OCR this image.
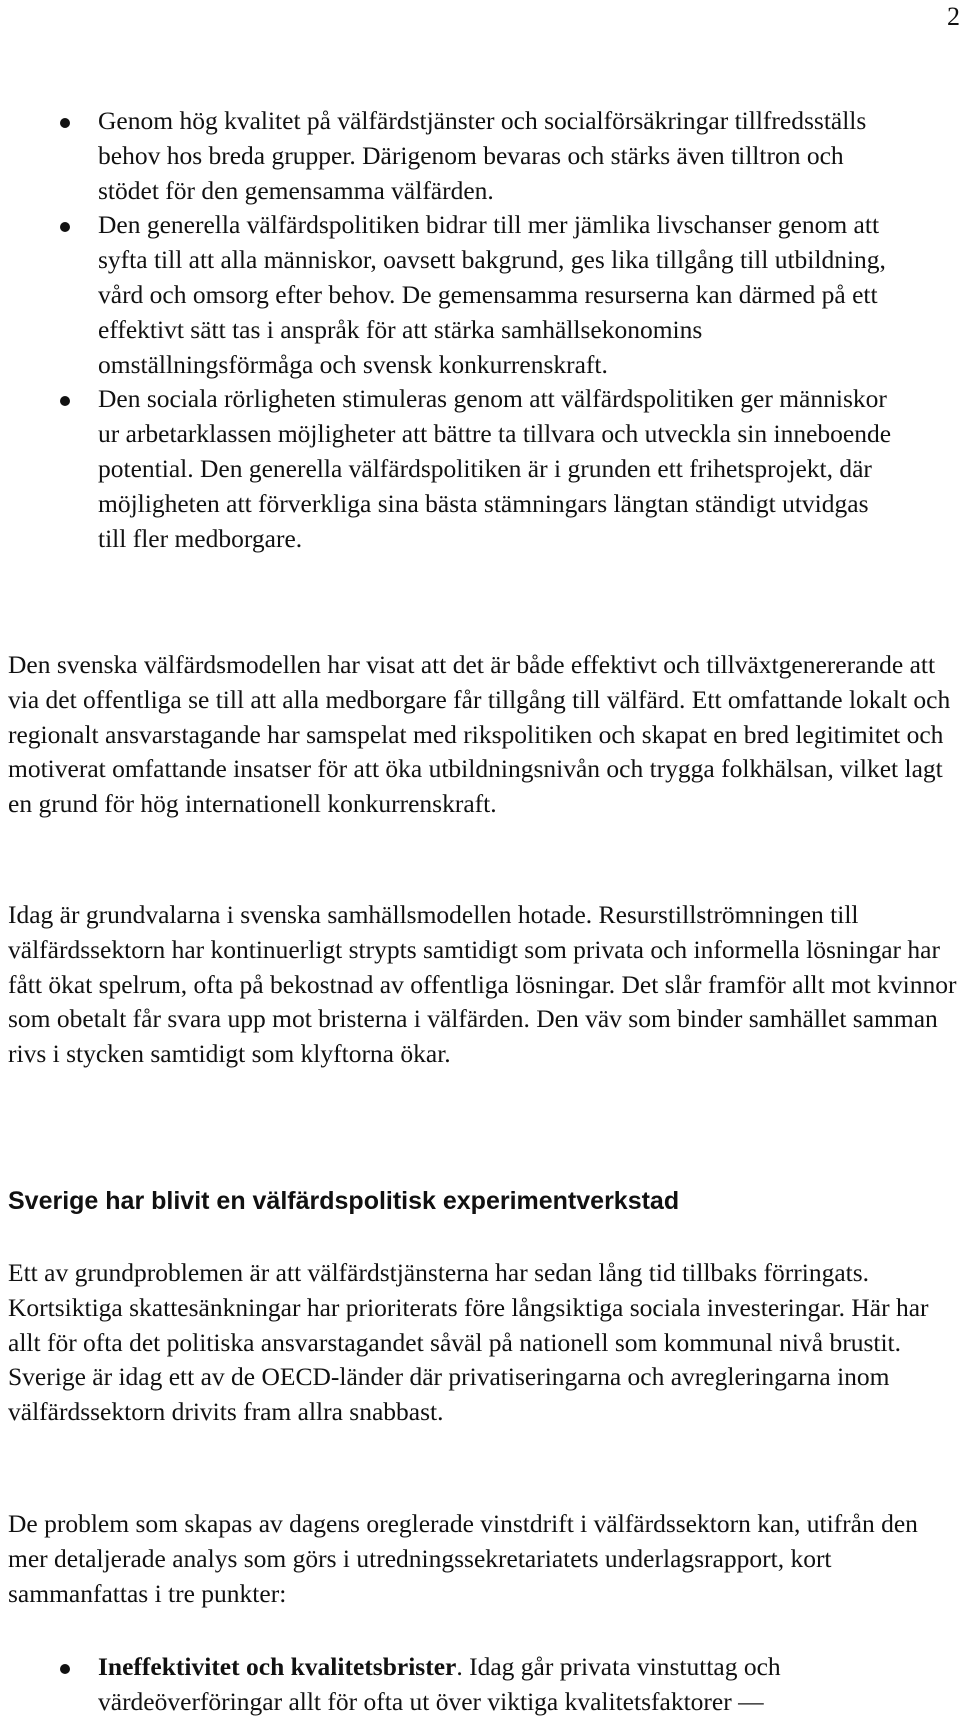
2
Genom hög kvalitet på välfärdstjänster och socialförsäkringar tillfredsställs behov hos breda grupper. Därigenom bevaras och stärks även tilltron och stödet för den gemensamma välfärden.
Den generella välfärdspolitiken bidrar till mer jämlika livschanser genom att syfta till att alla människor, oavsett bakgrund, ges lika tillgång till utbildning, vård och omsorg efter behov. De gemensamma resurserna kan därmed på ett effektivt sätt tas i anspråk för att stärka samhällsekonomins omställningsförmåga och svensk konkurrenskraft.
Den sociala rörligheten stimuleras genom att välfärdspolitiken ger människor ur arbetarklassen möjligheter att bättre ta tillvara och utveckla sin inneboende potential. Den generella välfärdspolitiken är i grunden ett frihetsprojekt, där möjligheten att förverkliga sina bästa stämningars längtan ständigt utvidgas till fler medborgare.

Den svenska välfärdsmodellen har visat att det är både effektivt och tillväxtgenererande att via det offentliga se till att alla medborgare får tillgång till välfärd. Ett omfattande lokalt och regionalt ansvarstagande har samspelat med rikspolitiken och skapat en bred legitimitet och motiverat omfattande insatser för att öka utbildningsnivån och trygga folkhälsan, vilket lagt en grund för hög internationell konkurrenskraft.

Idag är grundvalarna i svenska samhällsmodellen hotade. Resurstillströmningen till välfärdssektorn har kontinuerligt strypts samtidigt som privata och informella lösningar har fått ökat spelrum, ofta på bekostnad av offentliga lösningar. Det slår framför allt mot kvinnor som obetalt får svara upp mot bristerna i välfärden. Den väv som binder samhället samman rivs i stycken samtidigt som klyftorna ökar.

Sverige har blivit en välfärdspolitisk experimentverkstad

Ett av grundproblemen är att välfärdstjänsterna har sedan lång tid tillbaks förringats. Kortsiktiga skattesänkningar har prioriterats före långsiktiga sociala investeringar. Här har allt för ofta det politiska ansvarstagandet såväl på nationell som kommunal nivå brustit. Sverige är idag ett av de OECD-länder där privatiseringarna och avregleringarna inom välfärdssektorn drivits fram allra snabbast.

De problem som skapas av dagens oreglerade vinstdrift i välfärdssektorn kan, utifrån den mer detaljerade analys som görs i utredningssekretariatets underlagsrapport, kort sammanfattas i tre punkter:

Ineffektivitet och kvalitetsbrister. Idag går privata vinstuttag och värdeöverföringar allt för ofta ut över viktiga kvalitetsfaktorer —
